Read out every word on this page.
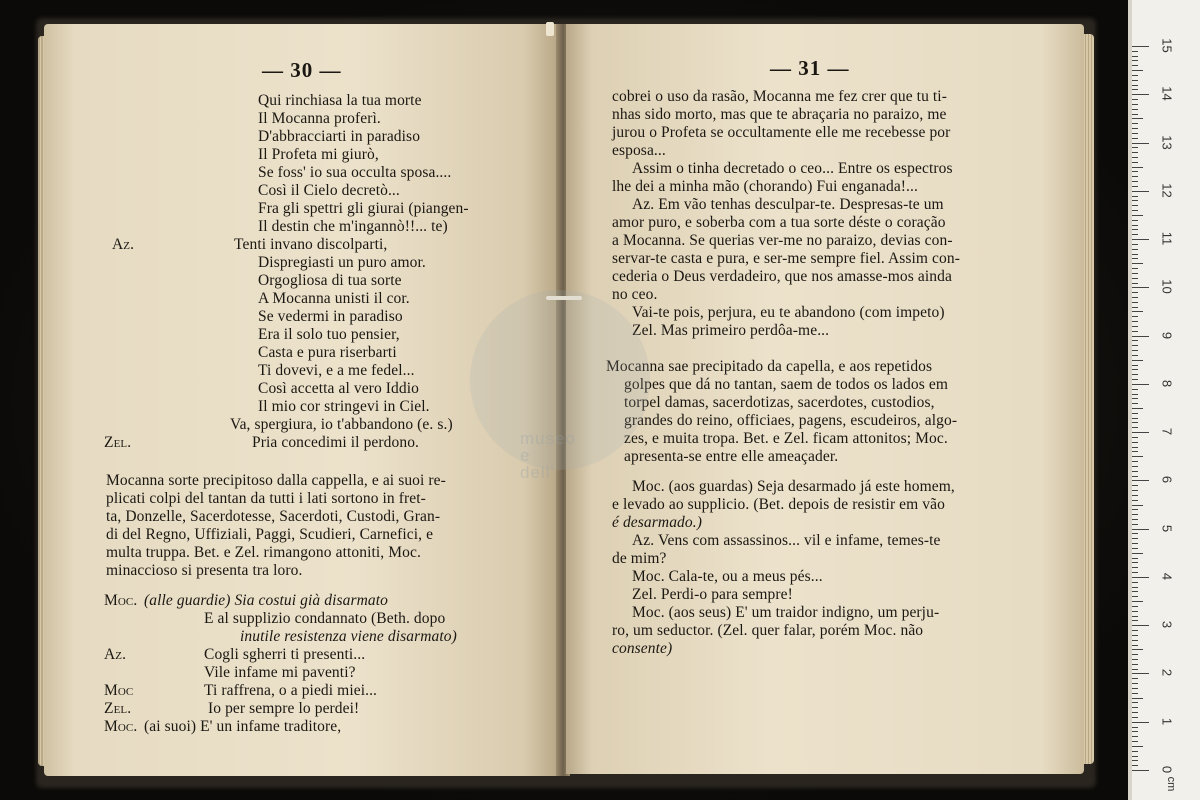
— 30 —
Qui rinchiasa la tua morte
Il Mocanna proferì.
D'abbracciarti in paradiso
Il Profeta mi giurò,
Se foss' io sua occulta sposa....
Così il Cielo decretò...
Fra gli spettri gli giurai (piangen-
Il destin che m'ingannò!!... te)
Az.	Tenti invano discolparti,
Dispregiasti un puro amor.
Orgogliosa di tua sorte
A Mocanna unisti il cor.
Se vedermi in paradiso
Era il solo tuo pensier,
Casta e pura riserbarti
Ti dovevi, e a me fedel...
Così accetta al vero Iddio
Il mio cor stringevi in Ciel.
Va, spergiura, io t'abbandono (e. s.)
Zel.	Pria concedimi il perdono.
Mocanna sorte precipitoso dalla cappella, e ai suoi re-
plicati colpi del tantan da tutti i lati sortono in fret-
ta, Donzelle, Sacerdotesse, Sacerdoti, Custodi, Gran-
di del Regno, Uffiziali, Paggi, Scudieri, Carnefici, e
multa truppa. Bet. e Zel. rimangono attoniti, Moc.
minaccioso si presenta tra loro.
Moc. (alle guardie) Sia costui già disarmato
E al supplizio condannato (Beth. dopo
inutile resistenza viene disarmato)
Az.	Cogli sgherri ti presenti...
Vile infame mi paventi?
Moc	Ti raffrena, o a piedi miei...
Zel.	Io per sempre lo perdei!
Moc. (ai suoi) E' un infame traditore,
— 31 —
cobrei o uso da rasão, Mocanna me fez crer que tu ti-
nhas sido morto, mas que te abraçaria no paraizo, me
jurou o Profeta se occultamente elle me recebesse por
esposa...
Assim o tinha decretado o ceo... Entre os espectros
lhe dei a minha mão (chorando) Fui enganada!...
Az. Em vão tenhas desculpar-te. Despresas-te um
amor puro, e soberba com a tua sorte déste o coração
a Mocanna. Se querias ver-me no paraizo, devias con-
servar-te casta e pura, e ser-me sempre fiel. Assim con-
cederia o Deus verdadeiro, que nos amasse-mos ainda
no ceo.
Vai-te pois, perjura, eu te abandono (com impeto)
Zel. Mas primeiro perdôa-me...
Mocanna sae precipitado da capella, e aos repetidos
golpes que dá no tantan, saem de todos os lados em
torpel damas, sacerdotizas, sacerdotes, custodios,
grandes do reino, officiaes, pagens, escudeiros, algo-
zes, e muita tropa. Bet. e Zel. ficam attonitos; Moc.
apresenta-se entre elle ameaçader.
Moc. (aos guardas) Seja desarmado já este homem,
e levado ao supplicio. (Bet. depois de resistir em vão
é desarmado.)
Az. Vens com assassinos... vil e infame, temes-te
de mim?
Moc. Cala-te, ou a meus pés...
Zel. Perdi-o para sempre!
Moc. (aos seus) E' um traidor indigno, um perju-
ro, um seductor. (Zel. quer falar, porém Moc. não
consente)
museo
e
dell'
15
14
13
12
11
10
9
8
7
6
5
4
3
2
1
0
cm
